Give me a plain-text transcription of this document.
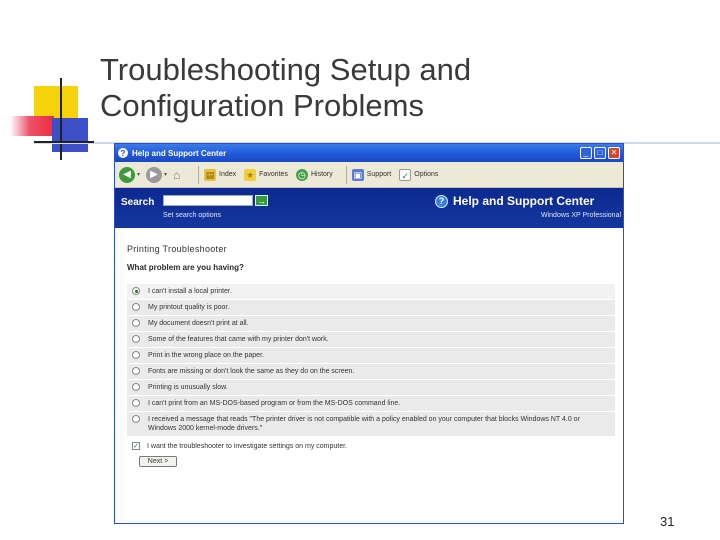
Troubleshooting Setup and
Configuration Problems
? Help and Support Center	_	□	✕
◀	▾	▶	▾ ⌂	▤ Index ★ Favorites ◷ History ▣ Support ✓ Options
Search	→
Set search options
? Help and Support Center
Windows XP Professional
Printing Troubleshooter
What problem are you having?
I can't install a local printer.
My printout quality is poor.
My document doesn't print at all.
Some of the features that came with my printer don't work.
Print in the wrong place on the paper.
Fonts are missing or don't look the same as they do on the screen.
Printing is unusually slow.
I can't print from an MS-DOS-based program or from the MS-DOS command line.
I received a message that reads "The printer driver is not compatible with a policy enabled on your computer that blocks Windows NT 4.0 or Windows 2000 kernel-mode drivers."
✓ I want the troubleshooter to investigate settings on my computer.
Next >
31
